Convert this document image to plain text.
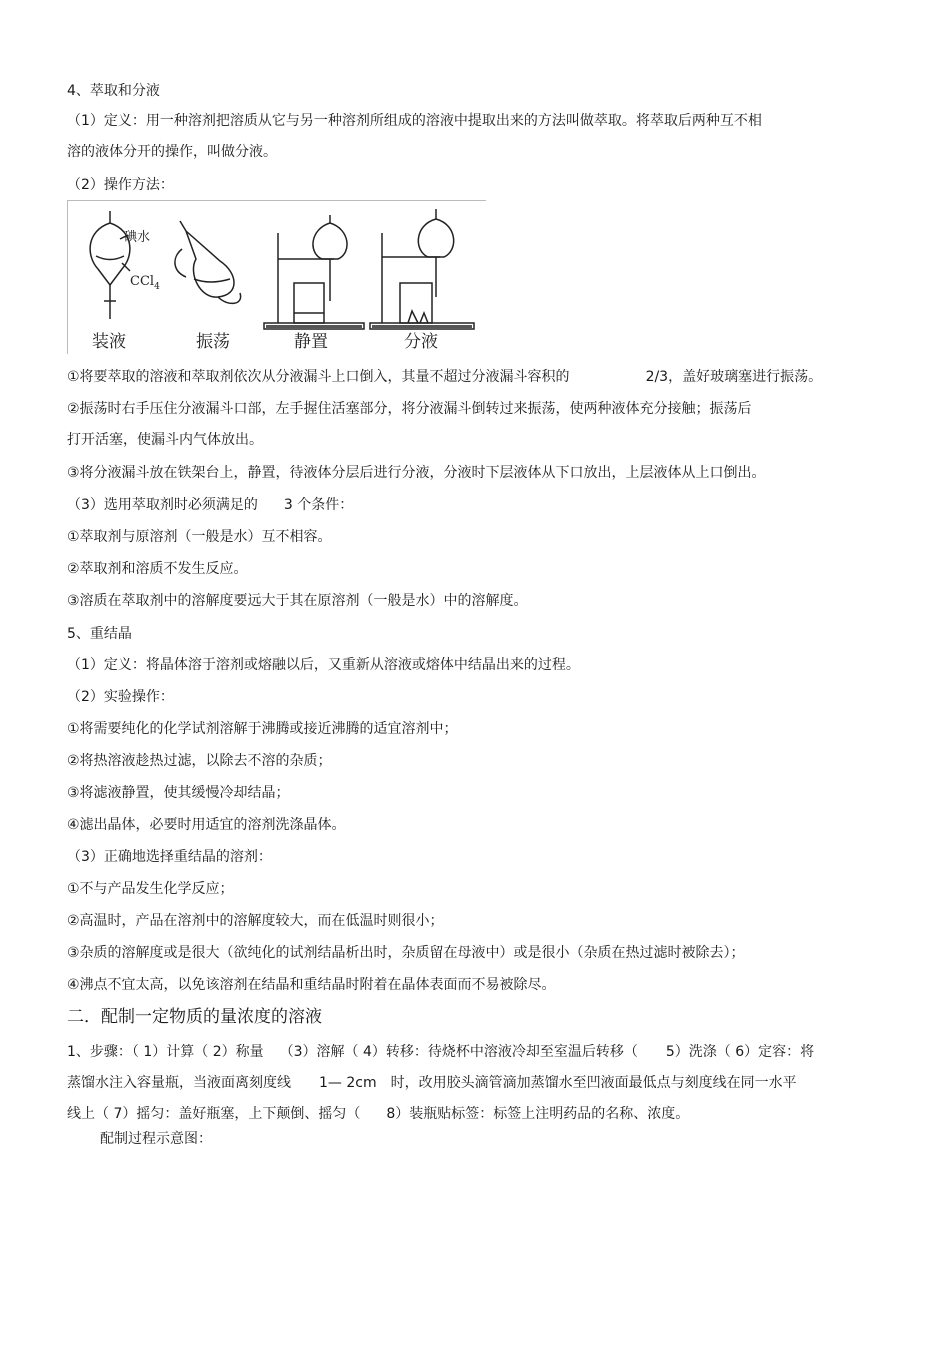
4、萃取和分液
（1）定义：用一种溶剂把溶质从它与另一种溶剂所组成的溶液中提取出来的方法叫做萃取。将萃取后两种互不相
溶的液体分开的操作，叫做分液。
（2）操作方法：
碘水
CCl$_4$
装液	振荡	静置	分液
①将要萃取的溶液和萃取剂依次从分液漏斗上口倒入，其量不超过分液漏斗容积的	2/3，盖好玻璃塞进行振荡。
②振荡时右手压住分液漏斗口部，左手握住活塞部分，将分液漏斗倒转过来振荡，使两种液体充分接触；振荡后
打开活塞，使漏斗内气体放出。
③将分液漏斗放在铁架台上，静置，待液体分层后进行分液，分液时下层液体从下口放出，上层液体从上口倒出。
（3）选用萃取剂时必须满足的 3 个条件：
①萃取剂与原溶剂（一般是水）互不相容。
②萃取剂和溶质不发生反应。
③溶质在萃取剂中的溶解度要远大于其在原溶剂（一般是水）中的溶解度。
5、重结晶
（1）定义：将晶体溶于溶剂或熔融以后，又重新从溶液或熔体中结晶出来的过程。
（2）实验操作：
①将需要纯化的化学试剂溶解于沸腾或接近沸腾的适宜溶剂中；
②将热溶液趁热过滤，以除去不溶的杂质；
③将滤液静置，使其缓慢冷却结晶；
④滤出晶体，必要时用适宜的溶剂洗涤晶体。
（3）正确地选择重结晶的溶剂：
①不与产品发生化学反应；
②高温时，产品在溶剂中的溶解度较大，而在低温时则很小；
③杂质的溶解度或是很大（欲纯化的试剂结晶析出时，杂质留在母液中）或是很小（杂质在热过滤时被除去）；
④沸点不宜太高，以免该溶剂在结晶和重结晶时附着在晶体表面而不易被除尽。
二．配制一定物质的量浓度的溶液
1、步骤：（ 1）计算（ 2）称量 （3）溶解（ 4）转移：待烧杯中溶液冷却至室温后转移（ 5）洗涤（ 6）定容：将
蒸馏水注入容量瓶，当液面离刻度线 1— 2cm 时，改用胶头滴管滴加蒸馏水至凹液面最低点与刻度线在同一水平
线上（ 7）摇匀：盖好瓶塞，上下颠倒、摇匀（ 8）装瓶贴标签：标签上注明药品的名称、浓度。
配制过程示意图：
